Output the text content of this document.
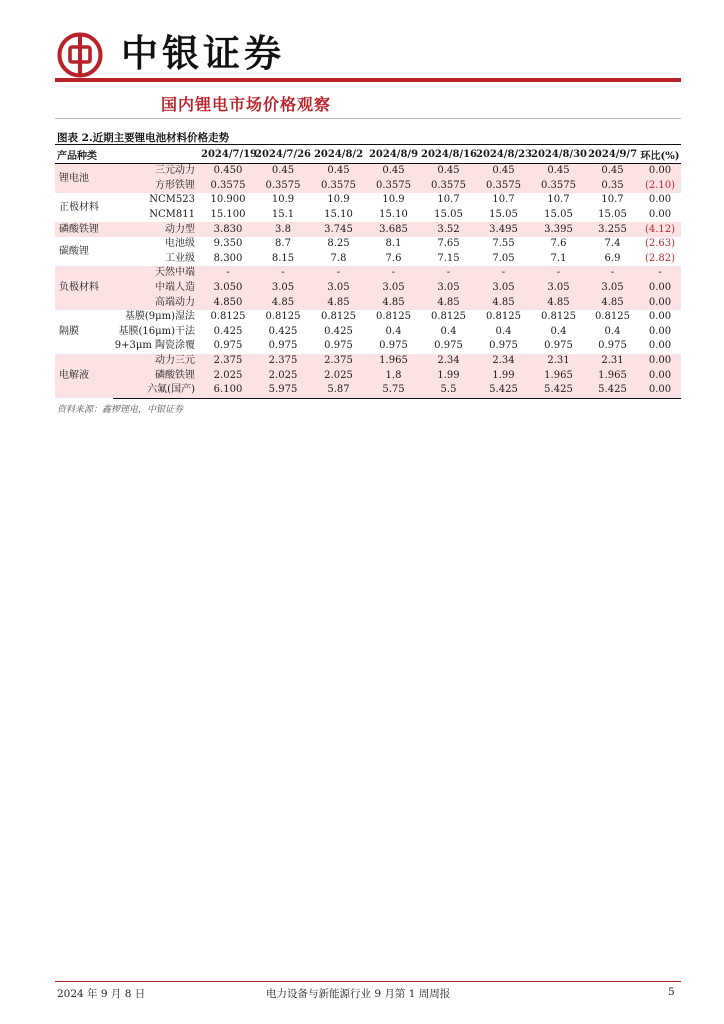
中银证券
国内锂电市场价格观察
图表 2.近期主要锂电池材料价格走势
产品种类		2024/7/19	2024/7/26	2024/8/2	2024/8/9	2024/8/16	2024/8/23	2024/8/30	2024/9/7	环比(%)
锂电池	三元动力	0.450	0.45	0.45	0.45	0.45	0.45	0.45	0.45	0.00
	方形铁锂	0.3575	0.3575	0.3575	0.3575	0.3575	0.3575	0.3575	0.35	(2.10)
正极材料	NCM523	10.900	10.9	10.9	10.9	10.7	10.7	10.7	10.7	0.00
	NCM811	15.100	15.1	15.10	15.10	15.05	15.05	15.05	15.05	0.00
磷酸铁锂	动力型	3.830	3.8	3.745	3.685	3.52	3.495	3.395	3.255	(4.12)
碳酸锂	电池级	9.350	8.7	8.25	8.1	7.65	7.55	7.6	7.4	(2.63)
	工业级	8.300	8.15	7.8	7.6	7.15	7.05	7.1	6.9	(2.82)
负极材料	天然中端	-	-	-	-	-	-	-	-	-
	中端人造	3.050	3.05	3.05	3.05	3.05	3.05	3.05	3.05	0.00
	高端动力	4.850	4.85	4.85	4.85	4.85	4.85	4.85	4.85	0.00
隔膜	基膜(9μm)湿法	0.8125	0.8125	0.8125	0.8125	0.8125	0.8125	0.8125	0.8125	0.00
	基膜(16μm)干法	0.425	0.425	0.425	0.4	0.4	0.4	0.4	0.4	0.00
	9+3μm 陶瓷涂覆	0.975	0.975	0.975	0.975	0.975	0.975	0.975	0.975	0.00
电解液	动力三元	2.375	2.375	2.375	1.965	2.34	2.34	2.31	2.31	0.00
	磷酸铁锂	2.025	2.025	2.025	1.8	1.99	1.99	1.965	1.965	0.00
	六氟(国产)	6.100	5.975	5.87	5.75	5.5	5.425	5.425	5.425	0.00
资料来源：鑫椤锂电，中银证券
2024 年 9 月 8 日	电力设备与新能源行业 9 月第 1 周周报	5
